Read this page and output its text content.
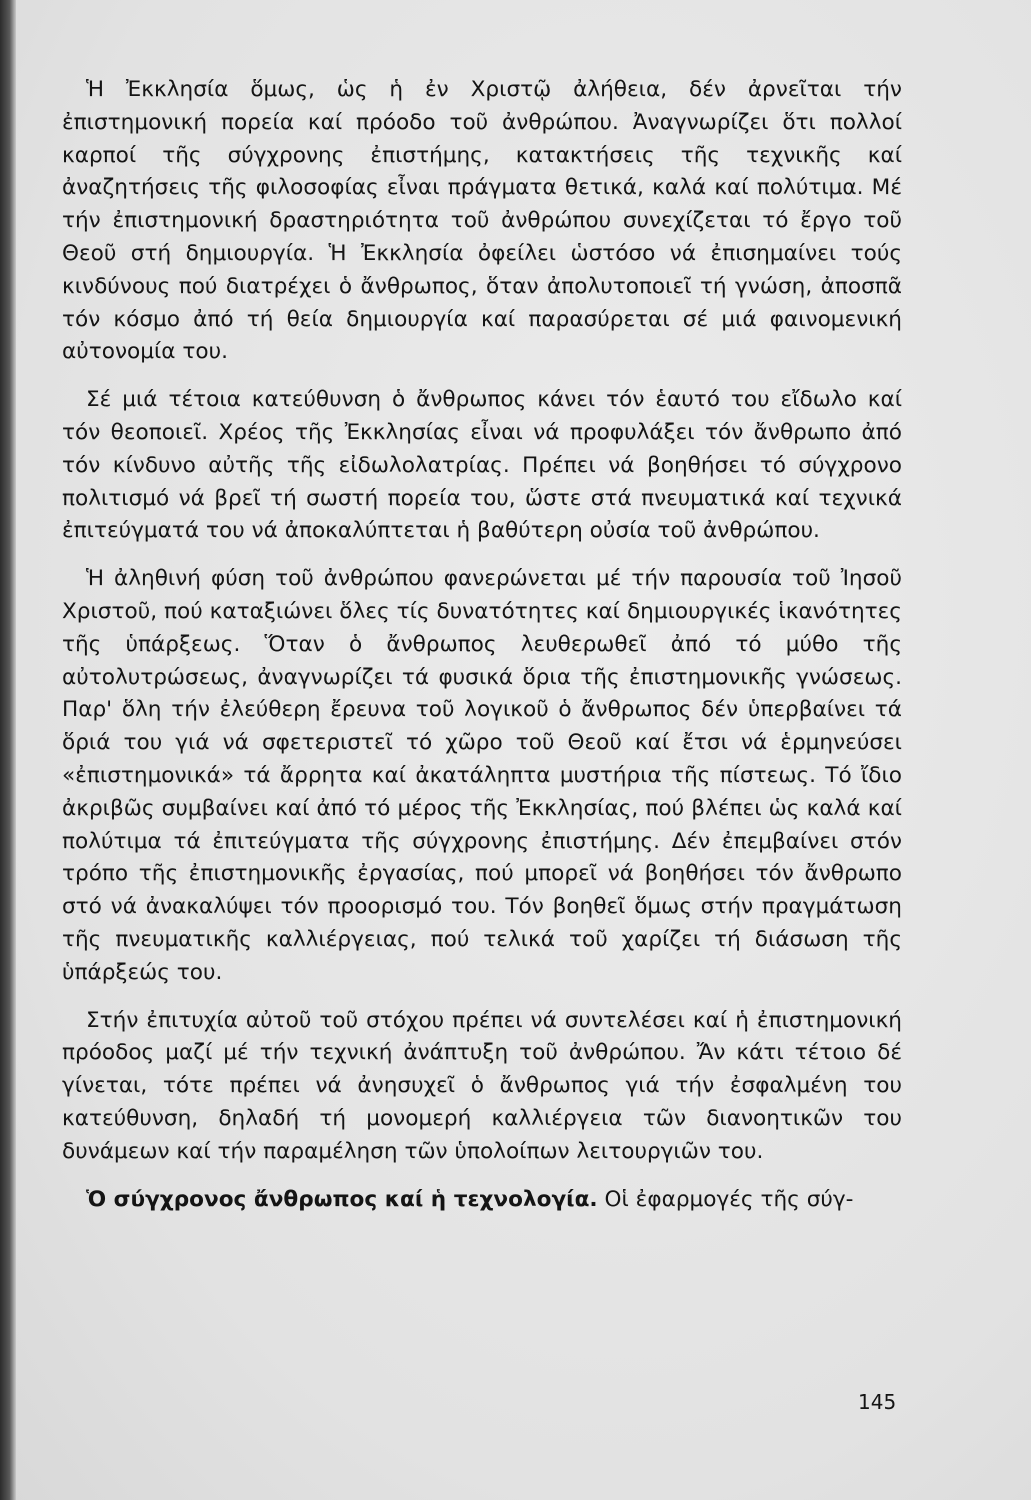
Ἡ Ἐκκλησία ὅμως, ὡς ἡ ἐν Χριστῷ ἀλήθεια, δέν ἀρνεῖται τήν ἐπιστημονική πορεία καί πρόοδο τοῦ ἀνθρώπου. Ἀναγνωρίζει ὅτι πολλοί καρποί τῆς σύγχρονης ἐπιστήμης, κατακτήσεις τῆς τεχνικῆς καί ἀναζητήσεις τῆς φιλοσοφίας εἶναι πράγματα θετικά, καλά καί πολύτιμα. Μέ τήν ἐπιστημονική δραστηριότητα τοῦ ἀνθρώπου συνεχίζεται τό ἔργο τοῦ Θεοῦ στή δημιουργία. Ἡ Ἐκκλησία ὀφείλει ὡστόσο νά ἐπισημαίνει τούς κινδύνους πού διατρέχει ὁ ἄνθρωπος, ὅταν ἀπολυτοποιεῖ τή γνώση, ἀποσπᾶ τόν κόσμο ἀπό τή θεία δημιουργία καί παρασύρεται σέ μιά φαινομενική αὐτονομία του.

Σέ μιά τέτοια κατεύθυνση ὁ ἄνθρωπος κάνει τόν ἑαυτό του εἴδωλο καί τόν θεοποιεῖ. Χρέος τῆς Ἐκκλησίας εἶναι νά προφυλάξει τόν ἄνθρωπο ἀπό τόν κίνδυνο αὐτῆς τῆς εἰδωλολατρίας. Πρέπει νά βοηθήσει τό σύγχρονο πολιτισμό νά βρεῖ τή σωστή πορεία του, ὥστε στά πνευματικά καί τεχνικά ἐπιτεύγματά του νά ἀποκαλύπτεται ἡ βαθύτερη οὐσία τοῦ ἀνθρώπου.

Ἡ ἀληθινή φύση τοῦ ἀνθρώπου φανερώνεται μέ τήν παρουσία τοῦ Ἰησοῦ Χριστοῦ, πού καταξιώνει ὅλες τίς δυνατότητες καί δημιουργικές ἱκανότητες τῆς ὑπάρξεως. Ὅταν ὁ ἄνθρωπος λευθερωθεῖ ἀπό τό μύθο τῆς αὐτολυτρώσεως, ἀναγνωρίζει τά φυσικά ὅρια τῆς ἐπιστημονικῆς γνώσεως. Παρ' ὅλη τήν ἐλεύθερη ἔρευνα τοῦ λογικοῦ ὁ ἄνθρωπος δέν ὑπερβαίνει τά ὅριά του γιά νά σφετεριστεῖ τό χῶρο τοῦ Θεοῦ καί ἔτσι νά ἑρμηνεύσει «ἐπιστημονικά» τά ἄρρητα καί ἀκατάληπτα μυστήρια τῆς πίστεως. Τό ἴδιο ἀκριβῶς συμβαίνει καί ἀπό τό μέρος τῆς Ἐκκλησίας, πού βλέπει ὡς καλά καί πολύτιμα τά ἐπιτεύγματα τῆς σύγχρονης ἐπιστήμης. Δέν ἐπεμβαίνει στόν τρόπο τῆς ἐπιστημονικῆς ἐργασίας, πού μπορεῖ νά βοηθήσει τόν ἄνθρωπο στό νά ἀνακαλύψει τόν προορισμό του. Τόν βοηθεῖ ὅμως στήν πραγμάτωση τῆς πνευματικῆς καλλιέργειας, πού τελικά τοῦ χαρίζει τή διάσωση τῆς ὑπάρξεώς του.

Στήν ἐπιτυχία αὐτοῦ τοῦ στόχου πρέπει νά συντελέσει καί ἡ ἐπιστημονική πρόοδος μαζί μέ τήν τεχνική ἀνάπτυξη τοῦ ἀνθρώπου. Ἄν κάτι τέτοιο δέ γίνεται, τότε πρέπει νά ἀνησυχεῖ ὁ ἄνθρωπος γιά τήν ἐσφαλμένη του κατεύθυνση, δηλαδή τή μονομερή καλλιέργεια τῶν διανοητικῶν του δυνάμεων καί τήν παραμέληση τῶν ὑπολοίπων λειτουργιῶν του.

Ὁ σύγχρονος ἄνθρωπος καί ἡ τεχνολογία. Οἱ ἐφαρμογές τῆς σύγ-

145
